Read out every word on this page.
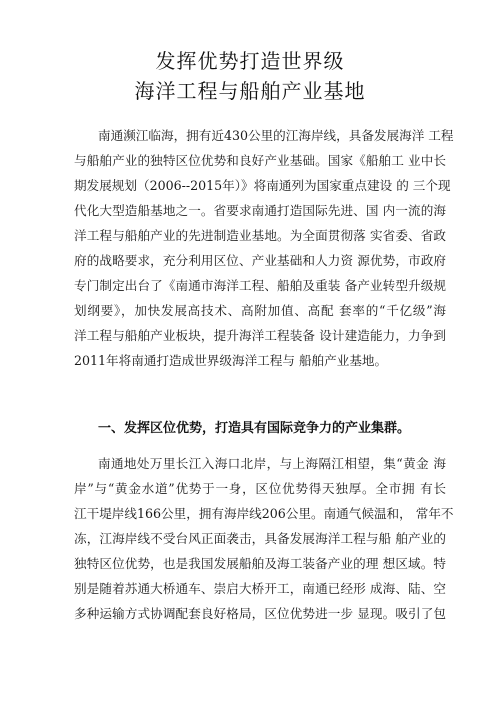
发挥优势打造世界级
海洋工程与船舶产业基地
南通濒江临海，拥有近430公里的江海岸线，具备发展海洋 工程
与船舶产业的独特区位优势和良好产业基础。国家《船舶工 业中长
期发展规划（2006--2015年）》将南通列为国家重点建设 的 三个现
代化大型造船基地之一。省要求南通打造国际先进、国 内一流的海
洋工程与船舶产业的先进制造业基地。为全面贯彻落 实省委、省政
府的战略要求，充分利用区位、产业基础和人力资 源优势，市政府
专门制定出台了《南通市海洋工程、船舶及重装 备产业转型升级规
划纲要》，加快发展高技术、高附加值、高配 套率的“千亿级”海
洋工程与船舶产业板块，提升海洋工程装备 设计建造能力，力争到
2011年将南通打造成世界级海洋工程与 船舶产业基地。
一、发挥区位优势，打造具有国际竞争力的产业集群。
南通地处万里长江入海口北岸，与上海隔江相望，集“黄金 海
岸”与“黄金水道”优势于一身，区位优势得天独厚。全市拥 有长
江干堤岸线166公里，拥有海岸线206公里。南通气候温和， 常年不
冻，江海岸线不受台风正面袭击，具备发展海洋工程与船 舶产业的
独特区位优势，也是我国发展船舶及海工装备产业的理 想区域。特
别是随着苏通大桥通车、崇启大桥开工，南通已经形 成海、陆、空
多种运输方式协调配套良好格局，区位优势进一步 显现。吸引了包
